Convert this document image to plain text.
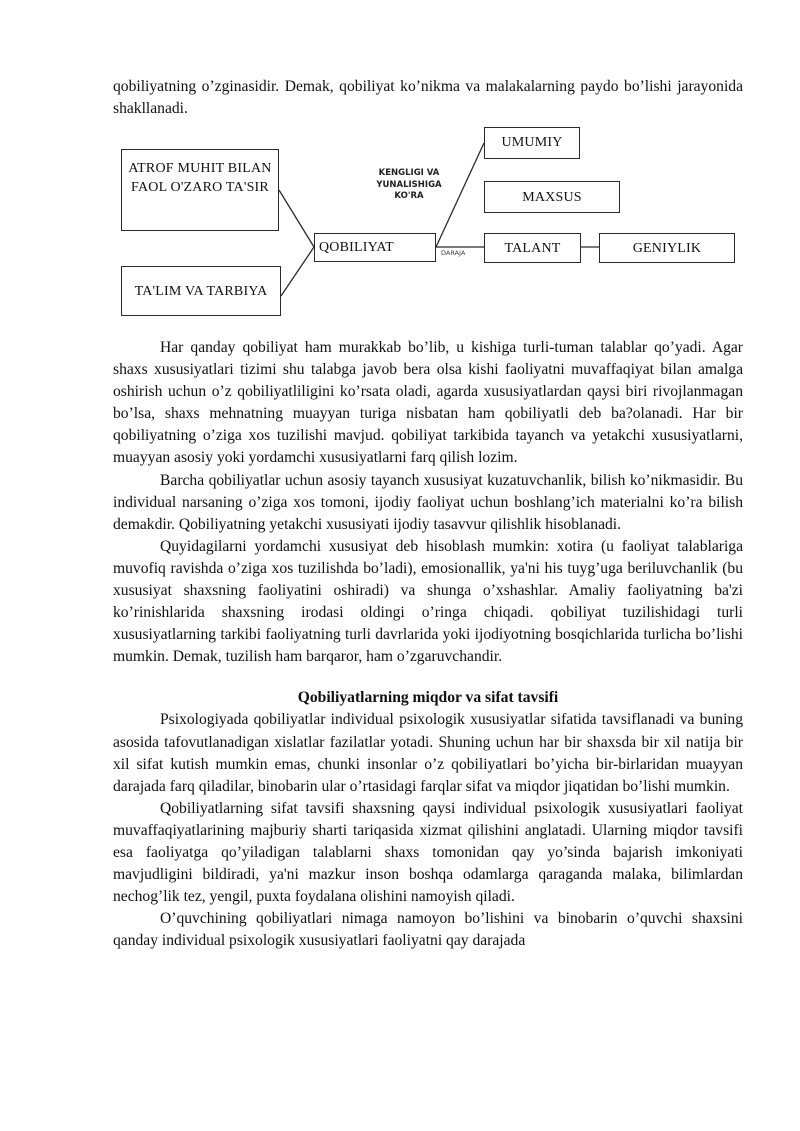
qobiliyatning o’zginasidir. Demak, qobiliyat ko’nikma va malakalarning paydo bo’lishi jarayonida shakllanadi.

ATROF MUHIT BILAN FAOL O'ZARO TA'SIR
TA'LIM VA TARBIYA
QOBILIYAT
UMUMIY
MAXSUS
TALANT	GENIYLIK
KENGLIGI VA YUNALISHIGA KO'RA
DARAJA

Har qanday qobiliyat ham murakkab bo’lib, u kishiga turli-tuman talablar qo’yadi. Agar shaxs xususiyatlari tizimi shu talabga javob bera olsa kishi faoliyatni muvaffaqiyat bilan amalga oshirish uchun o’z qobiliyatliligini ko’rsata oladi, agarda xususiyatlardan qaysi biri rivojlanmagan bo’lsa, shaxs mehnatning muayyan turiga nisbatan ham qobiliyatli deb ba?olanadi. Har bir qobiliyatning o’ziga xos tuzilishi mavjud. qobiliyat tarkibida tayanch va yetakchi xususiyatlarni, muayyan asosiy yoki yordamchi xususiyatlarni farq qilish lozim.

Barcha qobiliyatlar uchun asosiy tayanch xususiyat kuzatuvchanlik, bilish ko’nikmasidir. Bu individual narsaning o’ziga xos tomoni, ijodiy faoliyat uchun boshlang’ich materialni ko’ra bilish demakdir. Qobiliyatning yetakchi xususiyati ijodiy tasavvur qilishlik hisoblanadi.

Quyidagilarni yordamchi xususiyat deb hisoblash mumkin: xotira (u faoliyat talablariga muvofiq ravishda o’ziga xos tuzilishda bo’ladi), emosionallik, ya'ni his tuyg’uga beriluvchanlik (bu xususiyat shaxsning faoliyatini oshiradi) va shunga o’xshashlar. Amaliy faoliyatning ba'zi ko’rinishlarida shaxsning irodasi oldingi o’ringa chiqadi. qobiliyat tuzilishidagi turli xususiyatlarning tarkibi faoliyatning turli davrlarida yoki ijodiyotning bosqichlarida turlicha bo’lishi mumkin. Demak, tuzilish ham barqaror, ham o’zgaruvchandir.

Qobiliyatlarning miqdor va sifat tavsifi

Psixologiyada qobiliyatlar individual psixologik xususiyatlar sifatida tavsiflanadi va buning asosida tafovutlanadigan xislatlar fazilatlar yotadi. Shuning uchun har bir shaxsda bir xil natija bir xil sifat kutish mumkin emas, chunki insonlar o’z qobiliyatlari bo’yicha bir-birlaridan muayyan darajada farq qiladilar, binobarin ular o’rtasidagi farqlar sifat va miqdor jiqatidan bo’lishi mumkin.

Qobiliyatlarning sifat tavsifi shaxsning qaysi individual psixologik xususiyatlari faoliyat muvaffaqiyatlarining majburiy sharti tariqasida xizmat qilishini anglatadi. Ularning miqdor tavsifi esa faoliyatga qo’yiladigan talablarni shaxs tomonidan qay yo’sinda bajarish imkoniyati mavjudligini bildiradi, ya'ni mazkur inson boshqa odamlarga qaraganda malaka, bilimlardan nechog’lik tez, yengil, puxta foydalana olishini namoyish qiladi.

O’quvchining qobiliyatlari nimaga namoyon bo’lishini va binobarin o’quvchi shaxsini qanday individual psixologik xususiyatlari faoliyatni qay darajada
